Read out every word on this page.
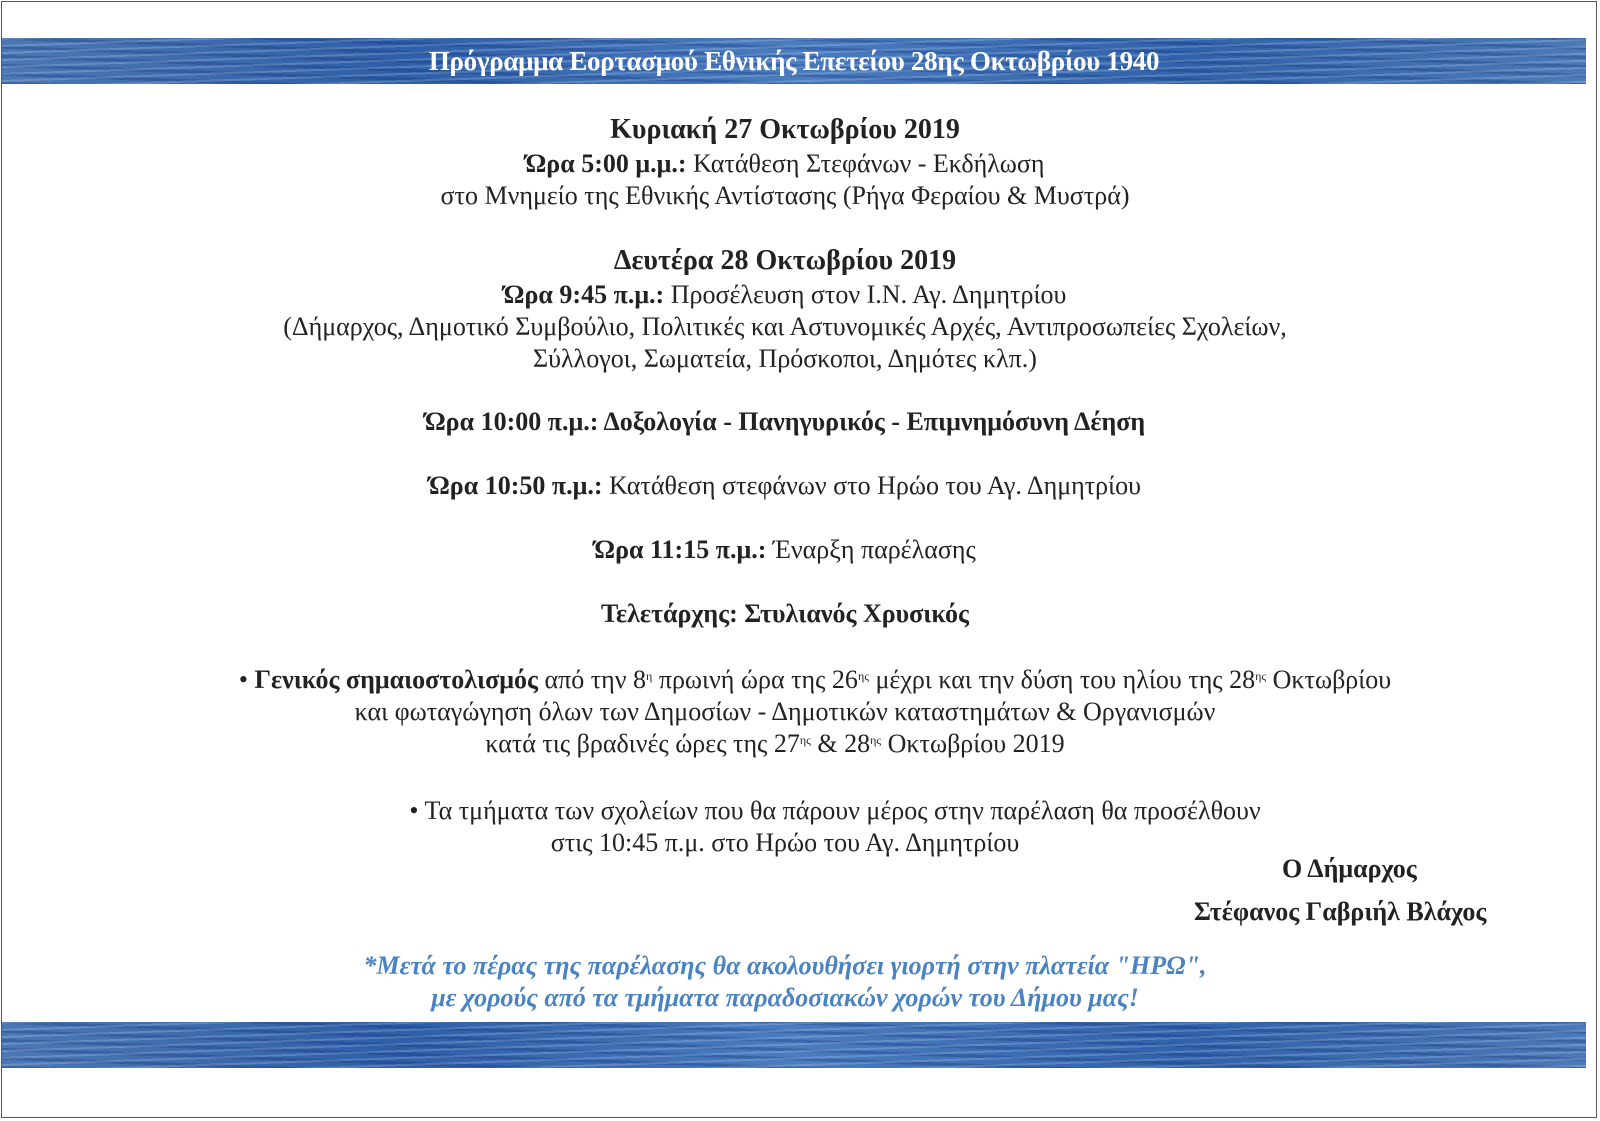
Πρόγραμμα Εορτασμού Εθνικής Επετείου 28ης Οκτωβρίου 1940
Κυριακή 27 Οκτωβρίου 2019
Ώρα 5:00 μ.μ.: Κατάθεση Στεφάνων - Εκδήλωση
στο Μνημείο της Εθνικής Αντίστασης (Ρήγα Φεραίου & Μυστρά)
Δευτέρα 28 Οκτωβρίου 2019
Ώρα 9:45 π.μ.: Προσέλευση στον Ι.Ν. Αγ. Δημητρίου
(Δήμαρχος, Δημοτικό Συμβούλιο, Πολιτικές και Αστυνομικές Αρχές, Αντιπροσωπείες Σχολείων,
Σύλλογοι, Σωματεία, Πρόσκοποι, Δημότες κλπ.)
Ώρα 10:00 π.μ.: Δοξολογία - Πανηγυρικός - Επιμνημόσυνη Δέηση
Ώρα 10:50 π.μ.: Κατάθεση στεφάνων στο Ηρώο του Αγ. Δημητρίου
Ώρα 11:15 π.μ.: Έναρξη παρέλασης
Τελετάρχης: Στυλιανός Χρυσικός
• Γενικός σημαιοστολισμός από την $8^\eta$ πρωινή ώρα της $26^{\eta\varsigma}$ μέχρι και την δύση του ηλίου της $28^{\eta\varsigma}$ Οκτωβρίου
και φωταγώγηση όλων των Δημοσίων - Δημοτικών καταστημάτων & Οργανισμών
κατά τις βραδινές ώρες της $27^{\eta\varsigma}$ & $28^{\eta\varsigma}$ Οκτωβρίου 2019
• Τα τμήματα των σχολείων που θα πάρουν μέρος στην παρέλαση θα προσέλθουν
στις 10:45 π.μ. στο Ηρώο του Αγ. Δημητρίου
Ο Δήμαρχος
Στέφανος Γαβριήλ Βλάχος
*Μετά το πέρας της παρέλασης θα ακολουθήσει γιορτή στην πλατεία "ΗΡΩ",
με χορούς από τα τμήματα παραδοσιακών χορών του Δήμου μας!
